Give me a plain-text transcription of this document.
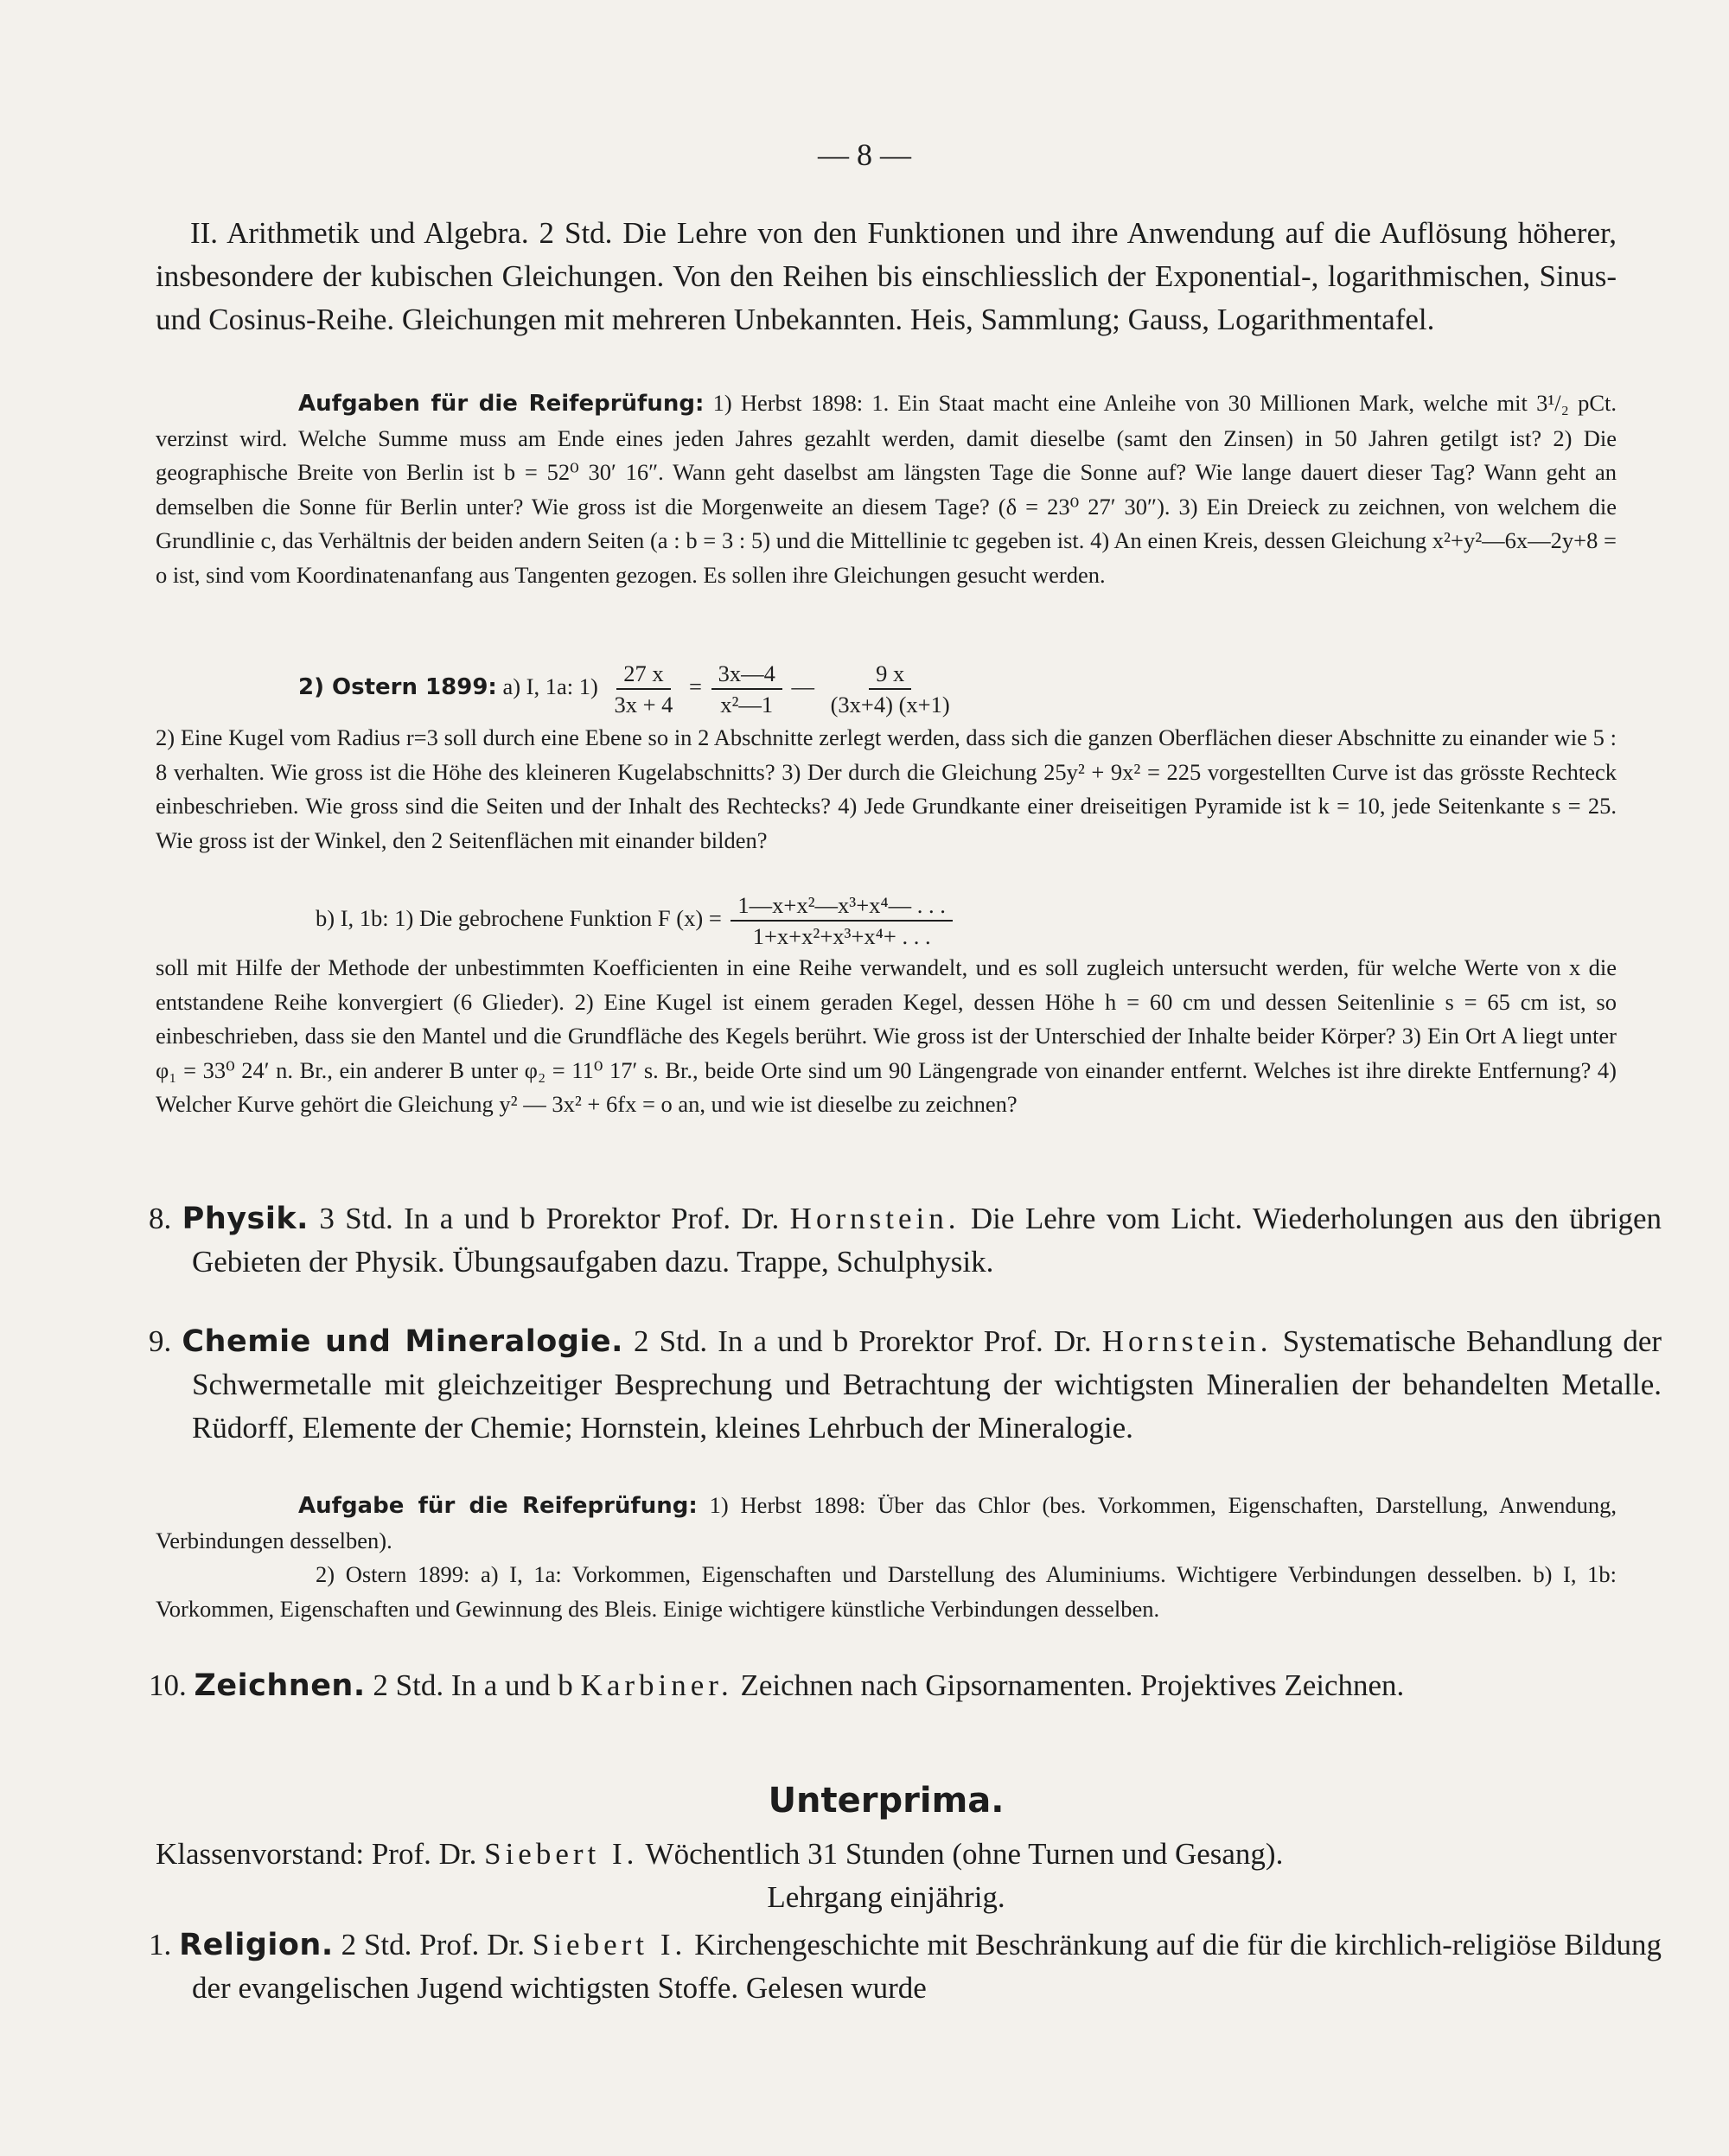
— 8 —
II. Arithmetik und Algebra. 2 Std. Die Lehre von den Funktionen und ihre Anwendung auf die Auflösung höherer, insbesondere der kubischen Gleichungen. Von den Reihen bis einschliesslich der Exponential-, logarithmischen, Sinus- und Cosinus-Reihe. Gleichungen mit mehreren Unbekannten. Heis, Sammlung; Gauss, Logarithmentafel.
Aufgaben für die Reifeprüfung: 1) Herbst 1898: 1. Ein Staat macht eine Anleihe von 30 Millionen Mark, welche mit 3¹/₂ pCt. verzinst wird. Welche Summe muss am Ende eines jeden Jahres gezahlt werden, damit dieselbe (samt den Zinsen) in 50 Jahren getilgt ist? 2) Die geographische Breite von Berlin ist b = 52⁰ 30′ 16″. Wann geht daselbst am längsten Tage die Sonne auf? Wie lange dauert dieser Tag? Wann geht an demselben die Sonne für Berlin unter? Wie gross ist die Morgenweite an diesem Tage? (δ = 23⁰ 27′ 30″). 3) Ein Dreieck zu zeichnen, von welchem die Grundlinie c, das Verhältnis der beiden andern Seiten (a : b = 3 : 5) und die Mittellinie tc gegeben ist. 4) An einen Kreis, dessen Gleichung x²+y²—6x—2y+8 = o ist, sind vom Koordinatenanfang aus Tangenten gezogen. Es sollen ihre Gleichungen gesucht werden.
2) Ostern 1899: a) I, 1a: $1) \frac{27 x}{3x + 4} = \frac{3x—4}{\text{x²—1}}$ — $\frac{9 x}{(3x+4) (x+1)}$
2) Eine Kugel vom Radius r=3 soll durch eine Ebene so in 2 Abschnitte zerlegt werden, dass sich die ganzen Oberflächen dieser Abschnitte zu einander wie 5 : 8 verhalten. Wie gross ist die Höhe des kleineren Kugelabschnitts? 3) Der durch die Gleichung 25y² + 9x² = 225 vorgestellten Curve ist das grösste Rechteck einbeschrieben. Wie gross sind die Seiten und der Inhalt des Rechtecks? 4) Jede Grundkante einer dreiseitigen Pyramide ist k = 10, jede Seitenkante s = 25. Wie gross ist der Winkel, den 2 Seitenflächen mit einander bilden?
b) I, 1b: 1) Die gebrochene Funktion F $(x) = \frac{\text{1—x+x²—x³+x⁴— . . .}}{\text{1+x+x²+x³+x⁴+ . . .}}$
soll mit Hilfe der Methode der unbestimmten Koefficienten in eine Reihe verwandelt, und es soll zugleich untersucht werden, für welche Werte von x die entstandene Reihe konvergiert (6 Glieder). 2) Eine Kugel ist einem geraden Kegel, dessen Höhe h = 60 cm und dessen Seitenlinie s = 65 cm ist, so einbeschrieben, dass sie den Mantel und die Grundfläche des Kegels berührt. Wie gross ist der Unterschied der Inhalte beider Körper? 3) Ein Ort A liegt unter φ₁ = 33⁰ 24′ n. Br., ein anderer B unter φ₂ = 11⁰ 17′ s. Br., beide Orte sind um 90 Längengrade von einander entfernt. Welches ist ihre direkte Entfernung? 4) Welcher Kurve gehört die Gleichung y² — 3x² + 6fx = o an, und wie ist dieselbe zu zeichnen?
8. Physik. 3 Std. In a und b Prorektor Prof. Dr. Hornstein. Die Lehre vom Licht. Wiederholungen aus den übrigen Gebieten der Physik. Übungsaufgaben dazu. Trappe, Schulphysik.
9. Chemie und Mineralogie. 2 Std. In a und b Prorektor Prof. Dr. Hornstein. Systematische Behandlung der Schwermetalle mit gleichzeitiger Besprechung und Betrachtung der wichtigsten Mineralien der behandelten Metalle. Rüdorff, Elemente der Chemie; Hornstein, kleines Lehrbuch der Mineralogie.
Aufgabe für die Reifeprüfung: 1) Herbst 1898: Über das Chlor (bes. Vorkommen, Eigenschaften, Darstellung, Anwendung, Verbindungen desselben).
2) Ostern 1899: a) I, 1a: Vorkommen, Eigenschaften und Darstellung des Aluminiums. Wichtigere Verbindungen desselben. b) I, 1b: Vorkommen, Eigenschaften und Gewinnung des Bleis. Einige wichtigere künstliche Verbindungen desselben.
10. Zeichnen. 2 Std. In a und b Karbiner. Zeichnen nach Gipsornamenten. Projektives Zeichnen.
Unterprima.
Klassenvorstand: Prof. Dr. Siebert I. Wöchentlich 31 Stunden (ohne Turnen und Gesang).
Lehrgang einjährig.
1. Religion. 2 Std. Prof. Dr. Siebert I. Kirchengeschichte mit Beschränkung auf die für die kirchlich-religiöse Bildung der evangelischen Jugend wichtigsten Stoffe. Gelesen wurde
